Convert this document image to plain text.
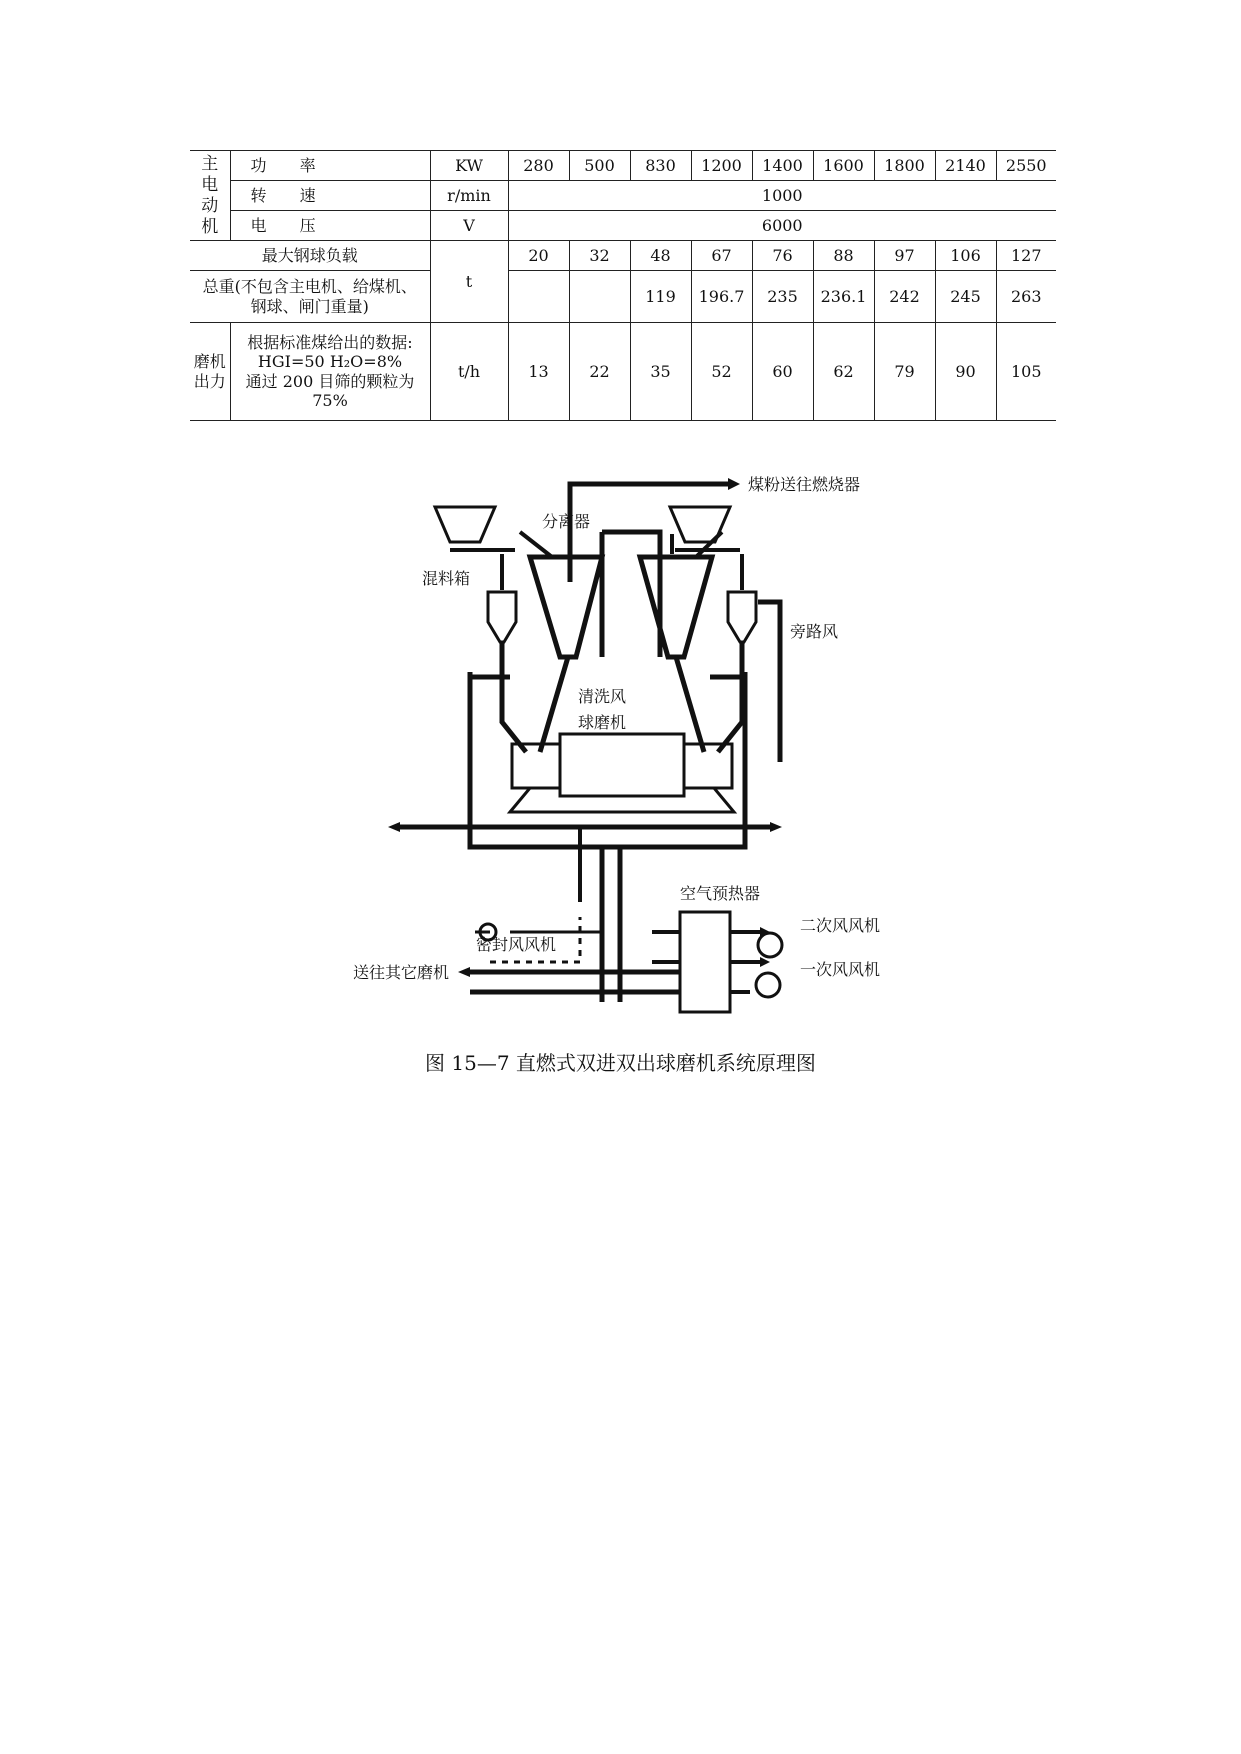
主
电
动
机	功 率	KW	280	500	830	1200	1400	1600	1800	2140	2550
	转 速	r/min	1000								
	电 压	V	6000								
最大钢球负载		t	20	32	48	67	76	88	97	106	127
总重(不包含主电机、给煤机、
钢球、闸门重量)					119	196.7	235	236.1	242	245	263
磨机
出力	根据标准煤给出的数据:
HGI=50 H₂O=8%
通过 200 目筛的颗粒为
75%	t/h	13	22	35	52	60	62	79	90	105
煤粉送往燃烧器
分离器
混料箱
旁路风
清洗风
球磨机
空气预热器
二次风风机
密封风风机
一次风风机
送往其它磨机
图 15—7 直燃式双进双出球磨机系统原理图
